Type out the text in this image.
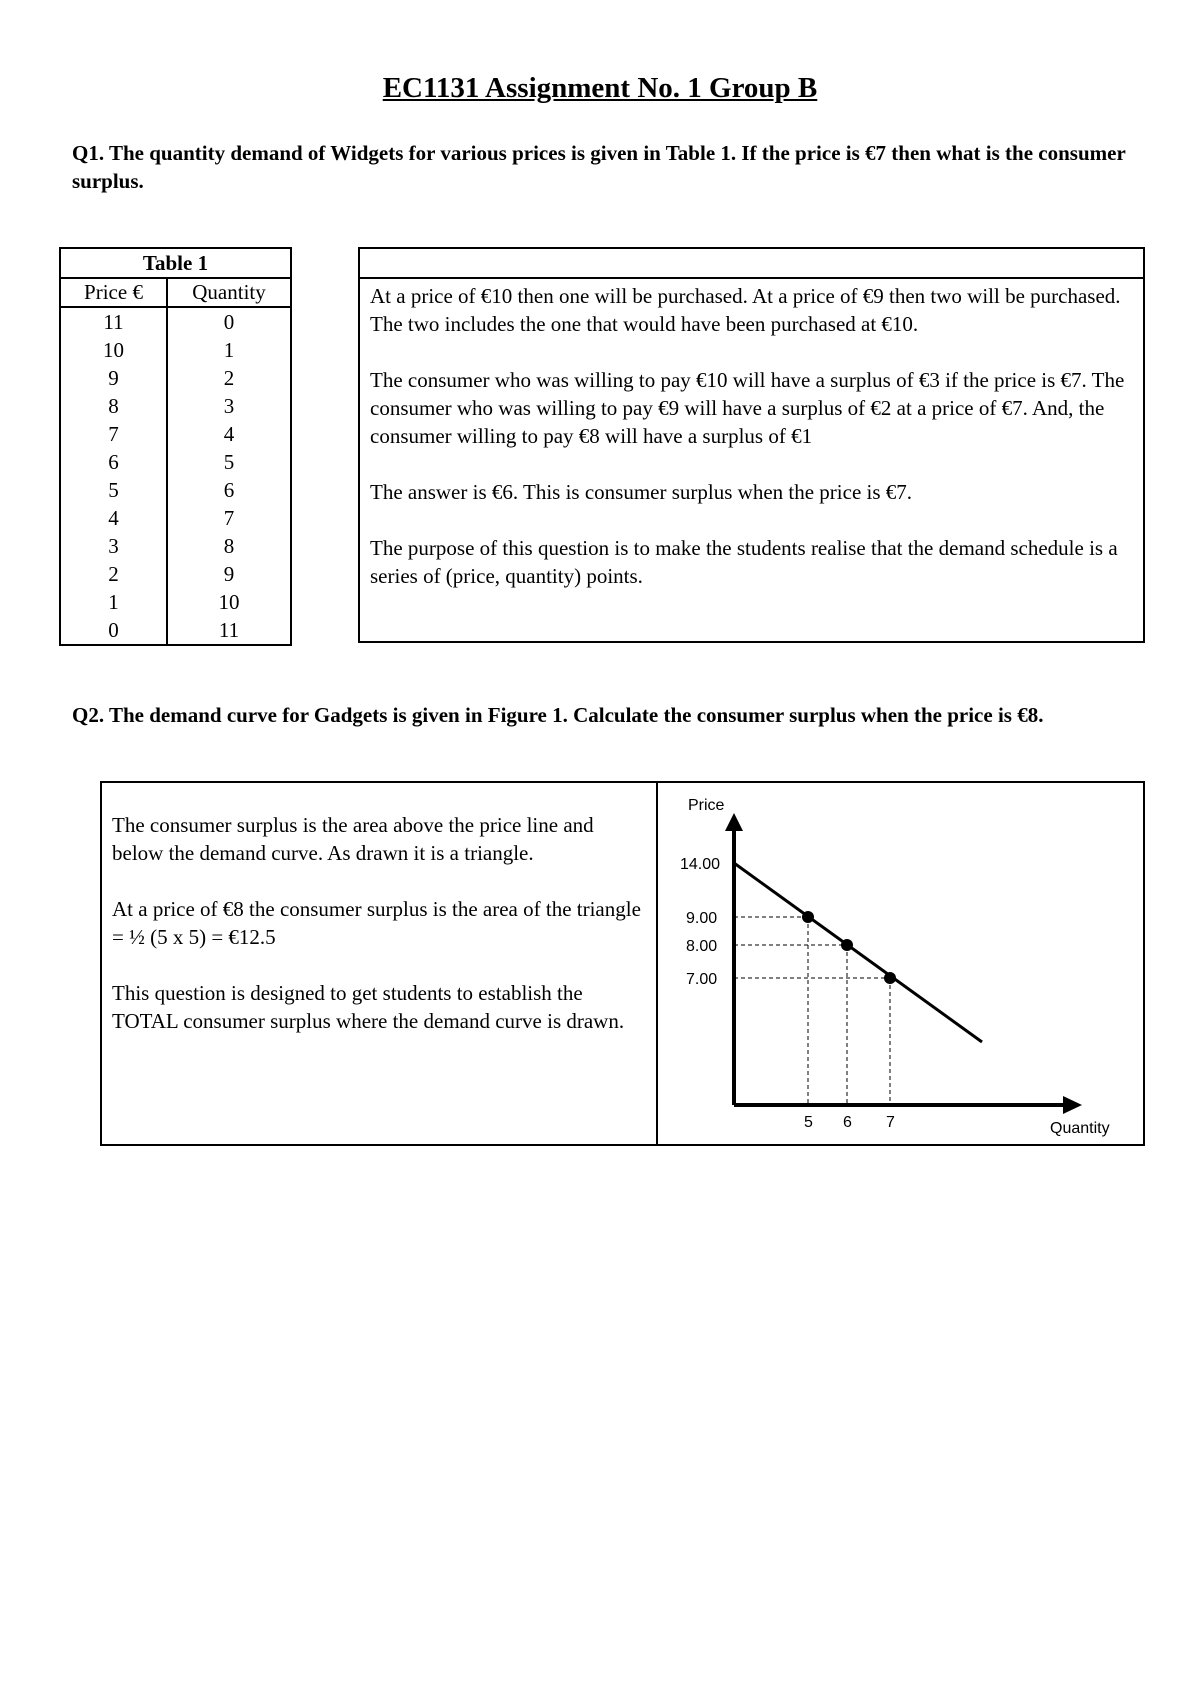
EC1131 Assignment No. 1 Group B
Q1. The quantity demand of Widgets for various prices is given in Table 1. If the price is €7 then what is the consumer surplus.
Table 1	
Price €	Quantity
11	0
10	1
9	2
8	3
7	4
6	5
5	6
4	7
3	8
2	9
1	10
0	11

At a price of €10 then one will be purchased. At a price of €9 then two will be purchased. The two includes the one that would have been purchased at €10.

The consumer who was willing to pay €10 will have a surplus of €3 if the price is €7. The consumer who was willing to pay €9 will have a surplus of €2 at a price of €7. And, the consumer willing to pay €8 will have a surplus of €1

The answer is €6. This is consumer surplus when the price is €7.

The purpose of this question is to make the students realise that the demand schedule is a series of (price, quantity) points.

Q2. The demand curve for Gadgets is given in Figure 1. Calculate the consumer surplus when the price is €8.

The consumer surplus is the area above the price line and below the demand curve. As drawn it is a triangle.

At a price of €8 the consumer surplus is the area of the triangle = ½ (5 x 5) = €12.5

This question is designed to get students to establish the TOTAL consumer surplus where the demand curve is drawn.

Price
Quantity
14.00
9.00
5
8.00
6
7.00
7
